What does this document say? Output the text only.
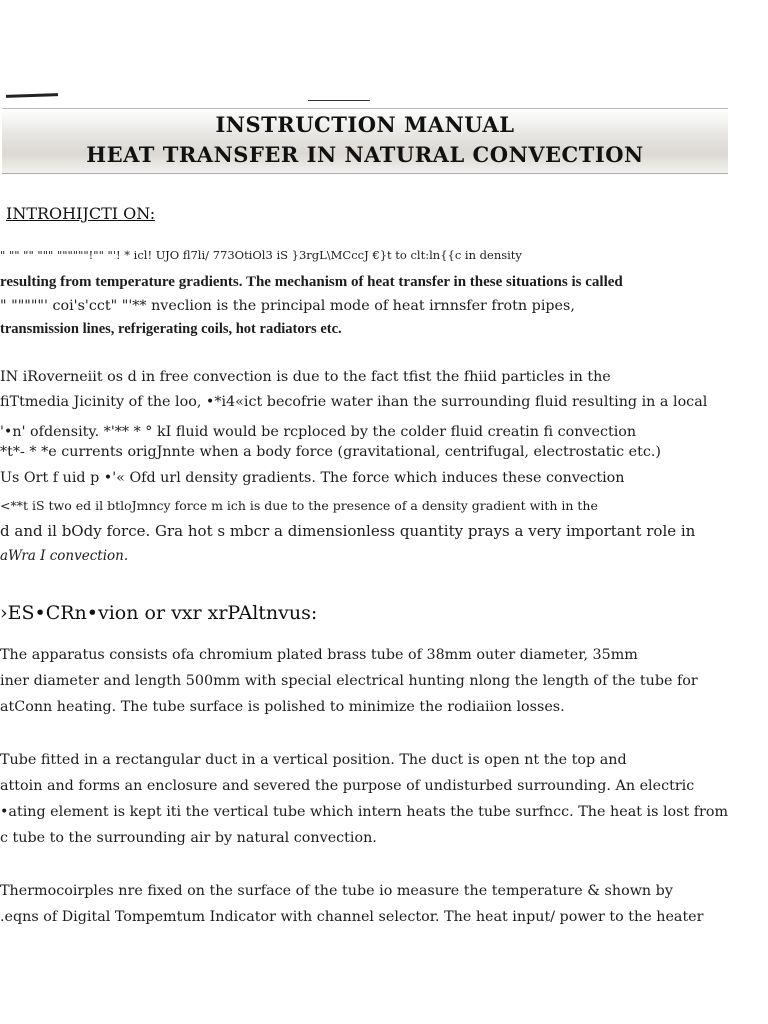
INSTRUCTION MANUAL
HEAT TRANSFER IN NATURAL CONVECTION
INTROHIJCTI ON:
" "" "" """ """"""!"" "'! * icl! UJO fl7li/ 773OtiOl3 iS }3rgL\MCccJ €}t to clt:ln{{c in density
resulting from temperature gradients. The mechanism of heat transfer in these situations is called
" """""' coi's'cct" "'** nveclion is the principal mode of heat irnnsfer frotn pipes,
transmission lines, refrigerating coils, hot radiators etc.
IN iRoverneiit os d in free convection is due to the fact tfist the fhiid particles in the
fiTtmedia Jicinity of the loo, •*i4«ict becofrie water ihan the surrounding fluid resulting in a local
'•n' ofdensity. *'** * ° kI fluid would be rcploced by the colder fluid creatin fi convection
*t*- * *e currents origJnnte when a body force (gravitational, centrifugal, electrostatic etc.)
Us Ort f uid p •'« Ofd url density gradients. The force which induces these convection
<**t iS two ed il btloJmncy force m ich is due to the presence of a density gradient with in the
d and il bOdy force. Gra hot s mbcr a dimensionless quantity prays a very important role in
aWra I convection.
›ES•CRn•vion or vxr xrPAltnvus:
The apparatus consists ofa chromium plated brass tube of 38mm outer diameter, 35mm
iner diameter and length 500mm with special electrical hunting nlong the length of the tube for
atConn heating. The tube surface is polished to minimize the rodiaiion losses.
Tube fitted in a rectangular duct in a vertical position. The duct is open nt the top and
attoin and forms an enclosure and severed the purpose of undisturbed surrounding. An electric
•ating element is kept iti the vertical tube which intern heats the tube surfncc. The heat is lost from
c tube to the surrounding air by natural convection.
Thermocoirples nre fixed on the surface of the tube io measure the temperature & shown by
.eqns of Digital Tompemtum Indicator with channel selector. The heat input/ power to the heater
